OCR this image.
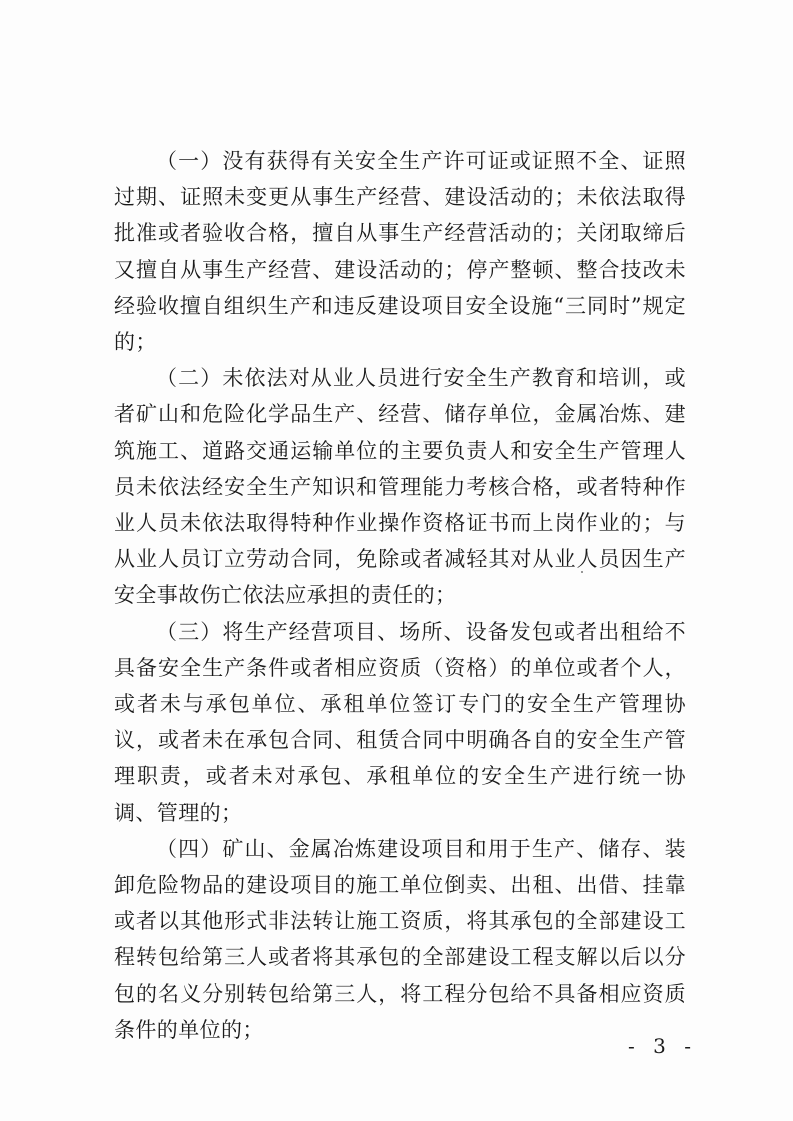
（一）没有获得有关安全生产许可证或证照不全、证照过期、证照未变更从事生产经营、建设活动的；未依法取得批准或者验收合格，擅自从事生产经营活动的；关闭取缔后又擅自从事生产经营、建设活动的；停产整顿、整合技改未经验收擅自组织生产和违反建设项目安全设施“三同时”规定的；

（二）未依法对从业人员进行安全生产教育和培训，或者矿山和危险化学品生产、经营、储存单位，金属冶炼、建筑施工、道路交通运输单位的主要负责人和安全生产管理人员未依法经安全生产知识和管理能力考核合格，或者特种作业人员未依法取得特种作业操作资格证书而上岗作业的；与从业人员订立劳动合同，免除或者减轻其对从业人员因生产安全事故伤亡依法应承担的责任的；

（三）将生产经营项目、场所、设备发包或者出租给不具备安全生产条件或者相应资质（资格）的单位或者个人，或者未与承包单位、承租单位签订专门的安全生产管理协议，或者未在承包合同、租赁合同中明确各自的安全生产管理职责，或者未对承包、承租单位的安全生产进行统一协调、管理的；

（四）矿山、金属冶炼建设项目和用于生产、储存、装卸危险物品的建设项目的施工单位倒卖、出租、出借、挂靠或者以其他形式非法转让施工资质，将其承包的全部建设工程转包给第三人或者将其承包的全部建设工程支解以后以分包的名义分别转包给第三人，将工程分包给不具备相应资质条件的单位的；

- 3 -
